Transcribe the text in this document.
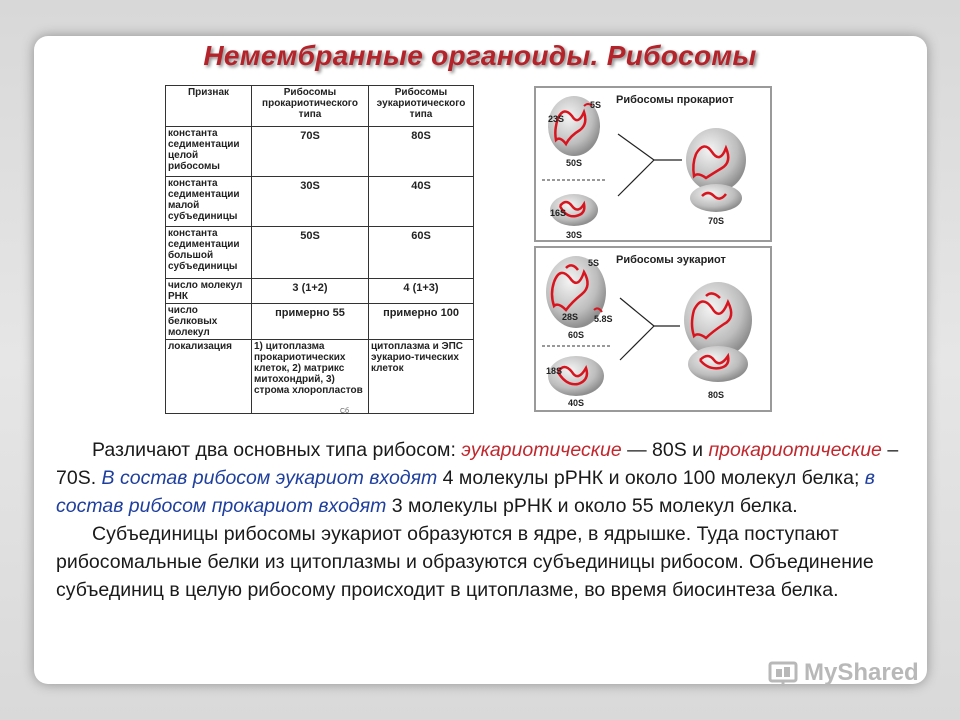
Немембранные органоиды. Рибосомы
Признак	Рибосомы прокариотического типа	Рибосомы эукариотического типа
константа седиментации целой рибосомы	70S	80S
константа седиментации малой субъединицы	30S	40S
константа седиментации большой субъединицы	50S	60S
число молекул РНК	3 (1+2)	4 (1+3)
число белковых молекул	примерно 55	примерно 100
локализация	1) цитоплазма прокариотических клеток, 2) матрикс митохондрий, 3) строма хлоропластов	цитоплазма и ЭПС эукарио-тических клеток
Сб
5S
23S
50S
16S
30S
70S
Рибосомы прокариот
5S
28S 5.8S
60S
18S
40S
80S
Рибосомы эукариот

Различают два основных типа рибосом: эукариотические — 80S и прокариотические – 70S. В состав рибосом эукариот входят 4 молекулы рРНК и около 100 молекул белка; в состав рибосом прокариот входят 3 молекулы рРНК и около 55 молекул белка.

Субъединицы рибосомы эукариот образуются в ядре, в ядрышке. Туда поступают рибосомальные белки из цитоплазмы и образуются субъединицы рибосом. Объединение субъединиц в целую рибосому происходит в цитоплазме, во время биосинтеза белка.

MyShared
